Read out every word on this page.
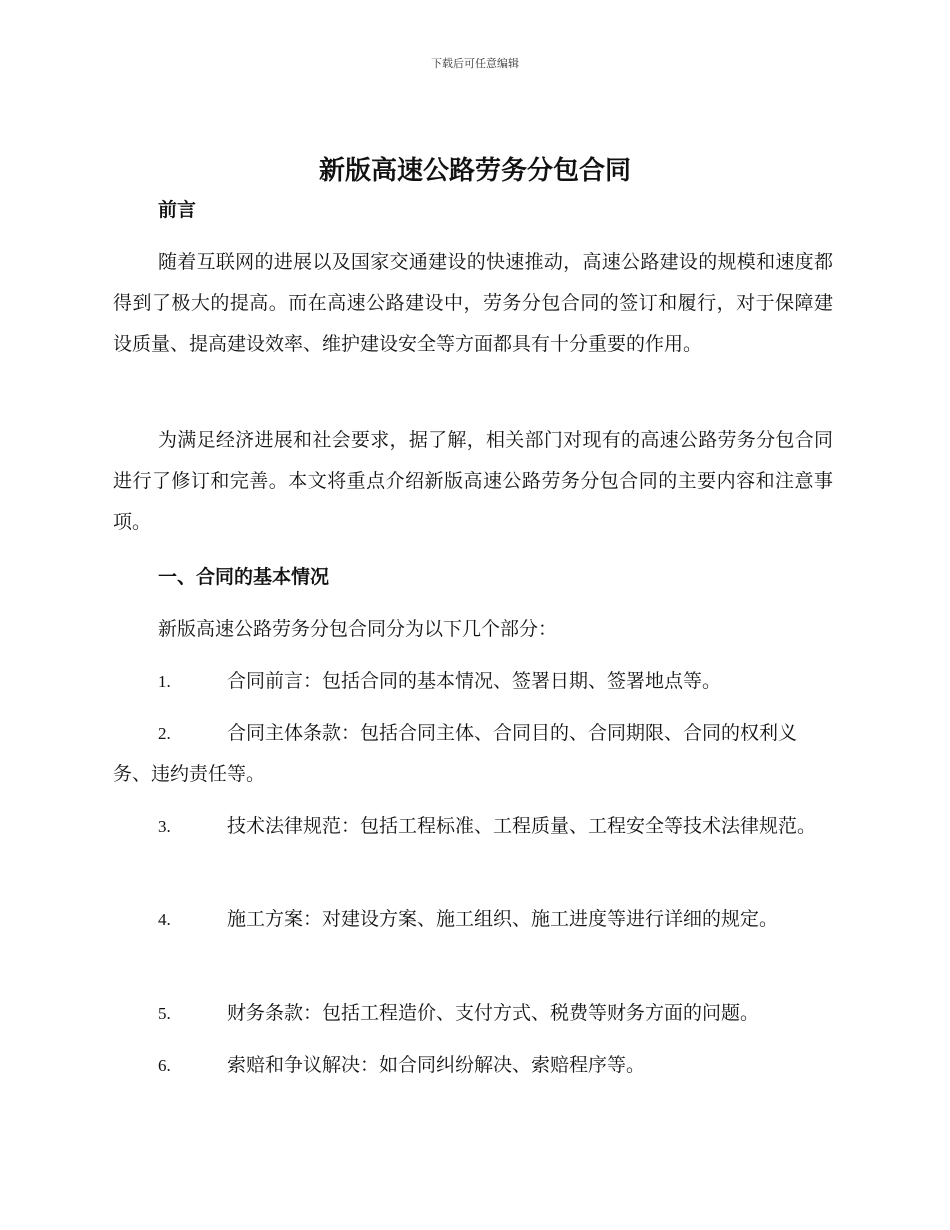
下载后可任意编辑
新版高速公路劳务分包合同
前言

随着互联网的进展以及国家交通建设的快速推动，高速公路建设的规模和速度都得到了极大的提高。而在高速公路建设中，劳务分包合同的签订和履行，对于保障建设质量、提高建设效率、维护建设安全等方面都具有十分重要的作用。

为满足经济进展和社会要求，据了解，相关部门对现有的高速公路劳务分包合同进行了修订和完善。本文将重点介绍新版高速公路劳务分包合同的主要内容和注意事项。

一、合同的基本情况

新版高速公路劳务分包合同分为以下几个部分：

1.	合同前言：包括合同的基本情况、签署日期、签署地点等。

2.	合同主体条款：包括合同主体、合同目的、合同期限、合同的权利义务、违约责任等。

3.	技术法律规范：包括工程标准、工程质量、工程安全等技术法律规范。

4.	施工方案：对建设方案、施工组织、施工进度等进行详细的规定。

5.	财务条款：包括工程造价、支付方式、税费等财务方面的问题。

6.	索赔和争议解决：如合同纠纷解决、索赔程序等。
